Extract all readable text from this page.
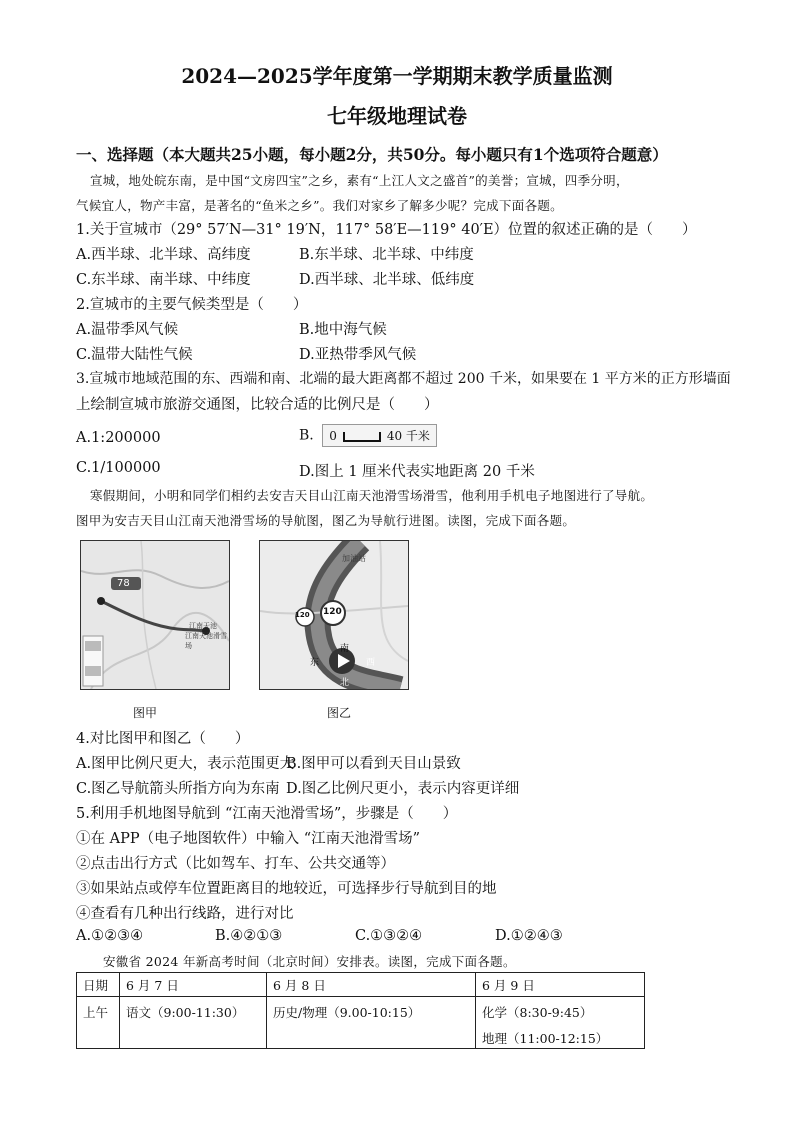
2024—2025学年度第一学期期末教学质量监测
七年级地理试卷
一、选择题（本大题共25小题，每小题2分，共50分。每小题只有1个选项符合题意）
宣城，地处皖东南，是中国“文房四宝”之乡，素有“上江人文之盛首”的美誉；宣城，四季分明，
气候宜人，物产丰富，是著名的“鱼米之乡”。我们对家乡了解多少呢？完成下面各题。
1.关于宣城市（29° 57′N—31° 19′N，117° 58′E—119° 40′E）位置的叙述正确的是（　　）
A.西半球、北半球、高纬度	B.东半球、北半球、中纬度
C.东半球、南半球、中纬度	D.西半球、北半球、低纬度
2.宣城市的主要气候类型是（　　）
A.温带季风气候	B.地中海气候
C.温带大陆性气候	D.亚热带季风气候
3.宣城市地域范围的东、西端和南、北端的最大距离都不超过 200 千米，如果要在 1 平方米的正方形墙面
上绘制宣城市旅游交通图，比较合适的比例尺是（　　）
A.1:200000	B. 0	40 千米
C.1/100000	D.图上 1 厘米代表实地距离 20 千米
寒假期间，小明和同学们相约去安吉天目山江南天池滑雪场滑雪，他利用手机电子地图进行了导航。
图甲为安吉天目山江南天池滑雪场的导航图，图乙为导航行进图。读图，完成下面各题。
78
江南天池
江南天池滑雪场
图甲
加油站
120 120
东	西
南
北
图乙
4.对比图甲和图乙（　　）
A.图甲比例尺更大，表示范围更大
B.图甲可以看到天目山景致
C.图乙导航箭头所指方向为东南 D.图乙比例尺更小，表示内容更详细
5.利用手机地图导航到 “江南天池滑雪场”，步骤是（　　）
①在 APP（电子地图软件）中输入 “江南天池滑雪场”
②点击出行方式（比如驾车、打车、公共交通等）
③如果站点或停车位置距离目的地较近，可选择步行导航到目的地
④查看有几种出行线路，进行对比
A.①②③④	B.④②①③	C.①③②④	D.①②④③
安徽省 2024 年新高考时间（北京时间）安排表。读图，完成下面各题。
日期	6 月 7 日	6 月 8 日	6 月 9 日
上午	语文（9:00-11:30）	历史/物理（9.00-10:15）	化学（8:30-9:45）
地理（11:00-12:15）
